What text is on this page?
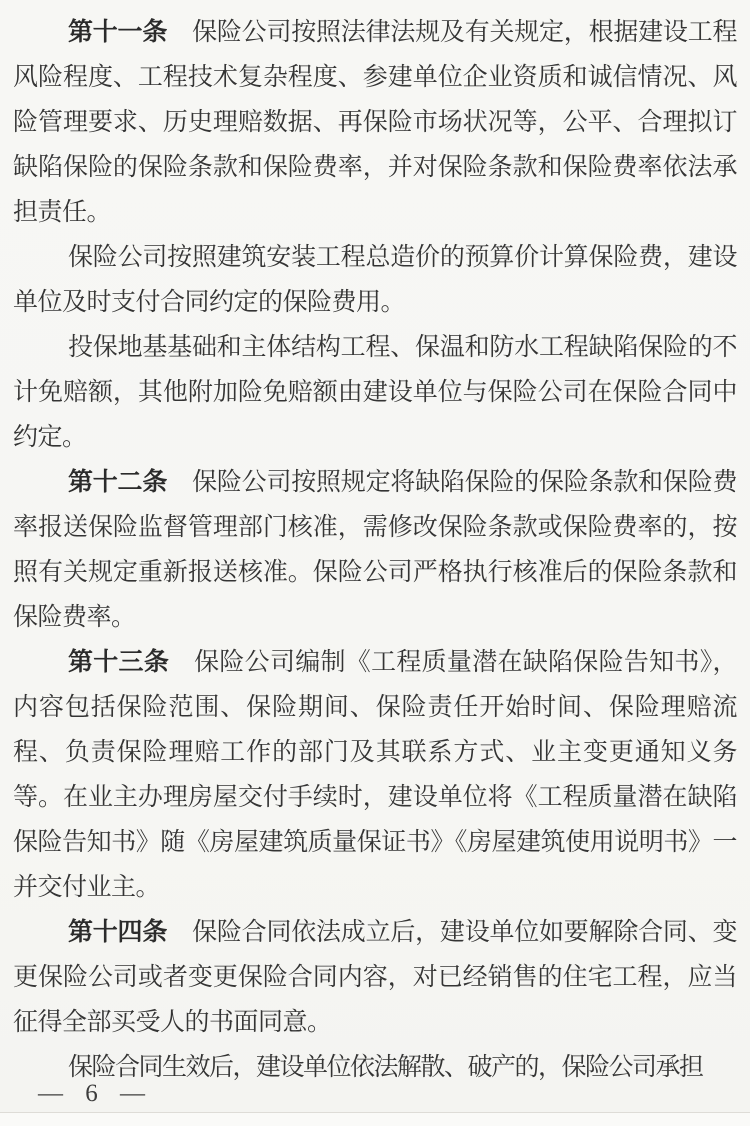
第十一条 保险公司按照法律法规及有关规定，根据建设工程风险程度、工程技术复杂程度、参建单位企业资质和诚信情况、风险管理要求、历史理赔数据、再保险市场状况等，公平、合理拟订缺陷保险的保险条款和保险费率，并对保险条款和保险费率依法承担责任。

保险公司按照建筑安装工程总造价的预算价计算保险费，建设单位及时支付合同约定的保险费用。

投保地基基础和主体结构工程、保温和防水工程缺陷保险的不计免赔额，其他附加险免赔额由建设单位与保险公司在保险合同中约定。

第十二条 保险公司按照规定将缺陷保险的保险条款和保险费率报送保险监督管理部门核准，需修改保险条款或保险费率的，按照有关规定重新报送核准。保险公司严格执行核准后的保险条款和保险费率。

第十三条 保险公司编制《工程质量潜在缺陷保险告知书》，内容包括保险范围、保险期间、保险责任开始时间、保险理赔流程、负责保险理赔工作的部门及其联系方式、业主变更通知义务等。在业主办理房屋交付手续时，建设单位将《工程质量潜在缺陷保险告知书》随《房屋建筑质量保证书》《房屋建筑使用说明书》一并交付业主。

第十四条 保险合同依法成立后，建设单位如要解除合同、变更保险公司或者变更保险合同内容，对已经销售的住宅工程，应当征得全部买受人的书面同意。

保险合同生效后，建设单位依法解散、破产的，保险公司承担

— 6 —
